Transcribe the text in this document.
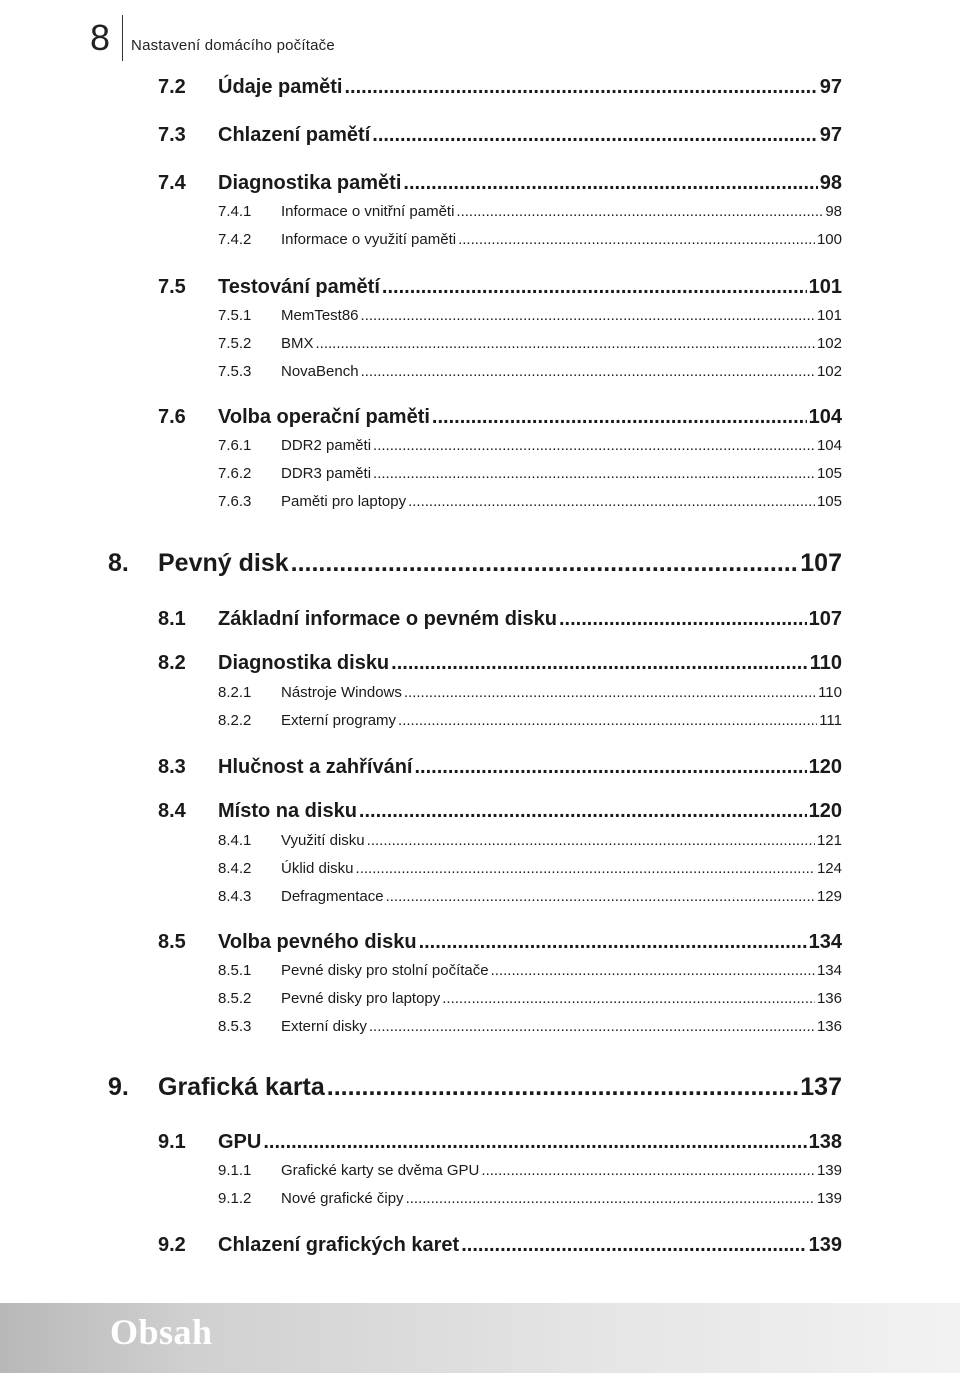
8 Nastavení domácího počítače
7.2	Údaje paměti .....	97
7.3	Chlazení pamětí .....	97
7.4	Diagnostika paměti .....	98
7.4.1	Informace o vnitřní paměti .....	98
7.4.2	Informace o využití paměti .....	100
7.5	Testování pamětí .....	101
7.5.1	MemTest86 .....	101
7.5.2	BMX .....	102
7.5.3	NovaBench .....	102
7.6	Volba operační paměti .....	104
7.6.1	DDR2 paměti .....	104
7.6.2	DDR3 paměti .....	105
7.6.3	Paměti pro laptopy .....	105
8.	Pevný disk .....	107
8.1	Základní informace o pevném disku .....	107
8.2	Diagnostika disku .....	110
8.2.1	Nástroje Windows .....	110
8.2.2	Externí programy .....	111
8.3	Hlučnost a zahřívání .....	120
8.4	Místo na disku .....	120
8.4.1	Využití disku .....	121
8.4.2	Úklid disku .....	124
8.4.3	Defragmentace .....	129
8.5	Volba pevného disku .....	134
8.5.1	Pevné disky pro stolní počítače .....	134
8.5.2	Pevné disky pro laptopy .....	136
8.5.3	Externí disky .....	136
9.	Grafická karta .....	137
9.1	GPU .....	138
9.1.1	Grafické karty se dvěma GPU .....	139
9.1.2	Nové grafické čipy .....	139
9.2	Chlazení grafických karet .....	139
Obsah
